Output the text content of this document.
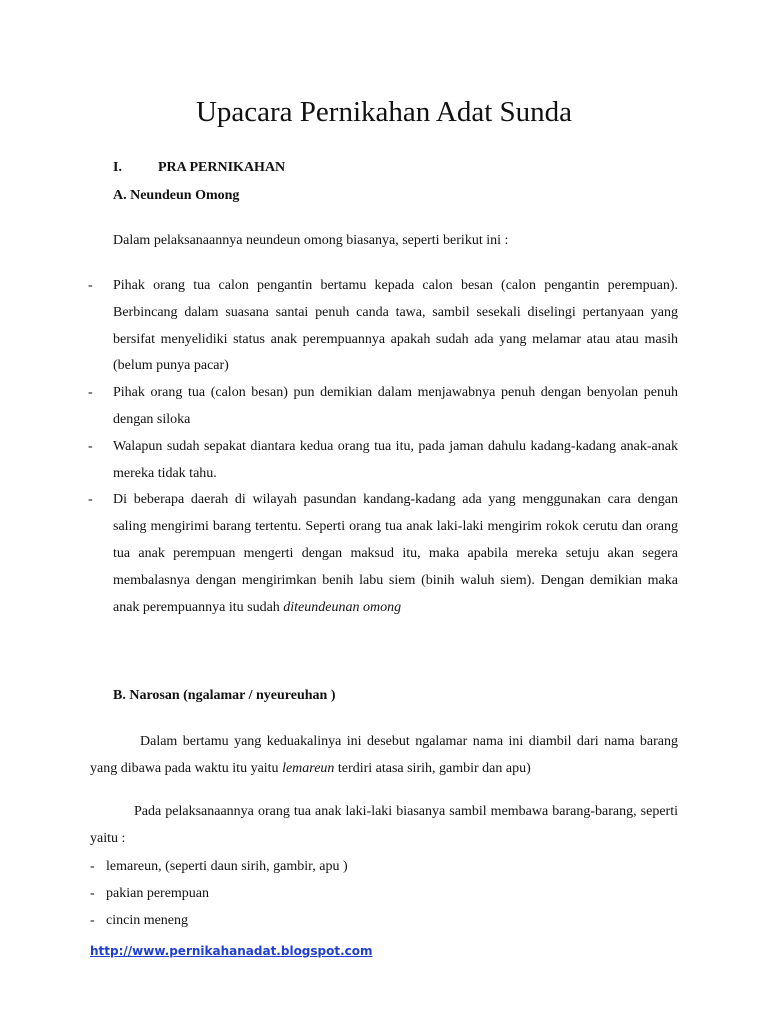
Upacara Pernikahan Adat Sunda
I.	PRA PERNIKAHAN
A. Neundeun Omong
Dalam pelaksanaannya neundeun omong biasanya, seperti berikut ini :
- Pihak orang tua calon pengantin bertamu kepada calon besan (calon pengantin perempuan). Berbincang dalam suasana santai penuh canda tawa, sambil sesekali diselingi pertanyaan yang bersifat menyelidiki status anak perempuannya apakah sudah ada yang melamar atau atau masih (belum punya pacar)
- Pihak orang tua (calon besan) pun demikian dalam menjawabnya penuh dengan benyolan penuh dengan siloka
- Walapun sudah sepakat diantara kedua orang tua itu, pada jaman dahulu kadang-kadang anak-anak mereka tidak tahu.
- Di beberapa daerah di wilayah pasundan kandang-kadang ada yang menggunakan cara dengan saling mengirimi barang tertentu. Seperti orang tua anak laki-laki mengirim rokok cerutu dan orang tua anak perempuan mengerti dengan maksud itu, maka apabila mereka setuju akan segera membalasnya dengan mengirimkan benih labu siem (binih waluh siem). Dengan demikian maka anak perempuannya itu sudah diteundeunan omong
B. Narosan (ngalamar / nyeureuhan )
Dalam bertamu yang keduakalinya ini desebut ngalamar nama ini diambil dari nama barang yang dibawa pada waktu itu yaitu lemareun terdiri atasa sirih, gambir dan apu)
Pada pelaksanaannya orang tua anak laki-laki biasanya sambil membawa barang-barang, seperti yaitu :
- lemareun, (seperti daun sirih, gambir, apu )
- pakian perempuan
- cincin meneng
http://www.pernikahanadat.blogspot.com
